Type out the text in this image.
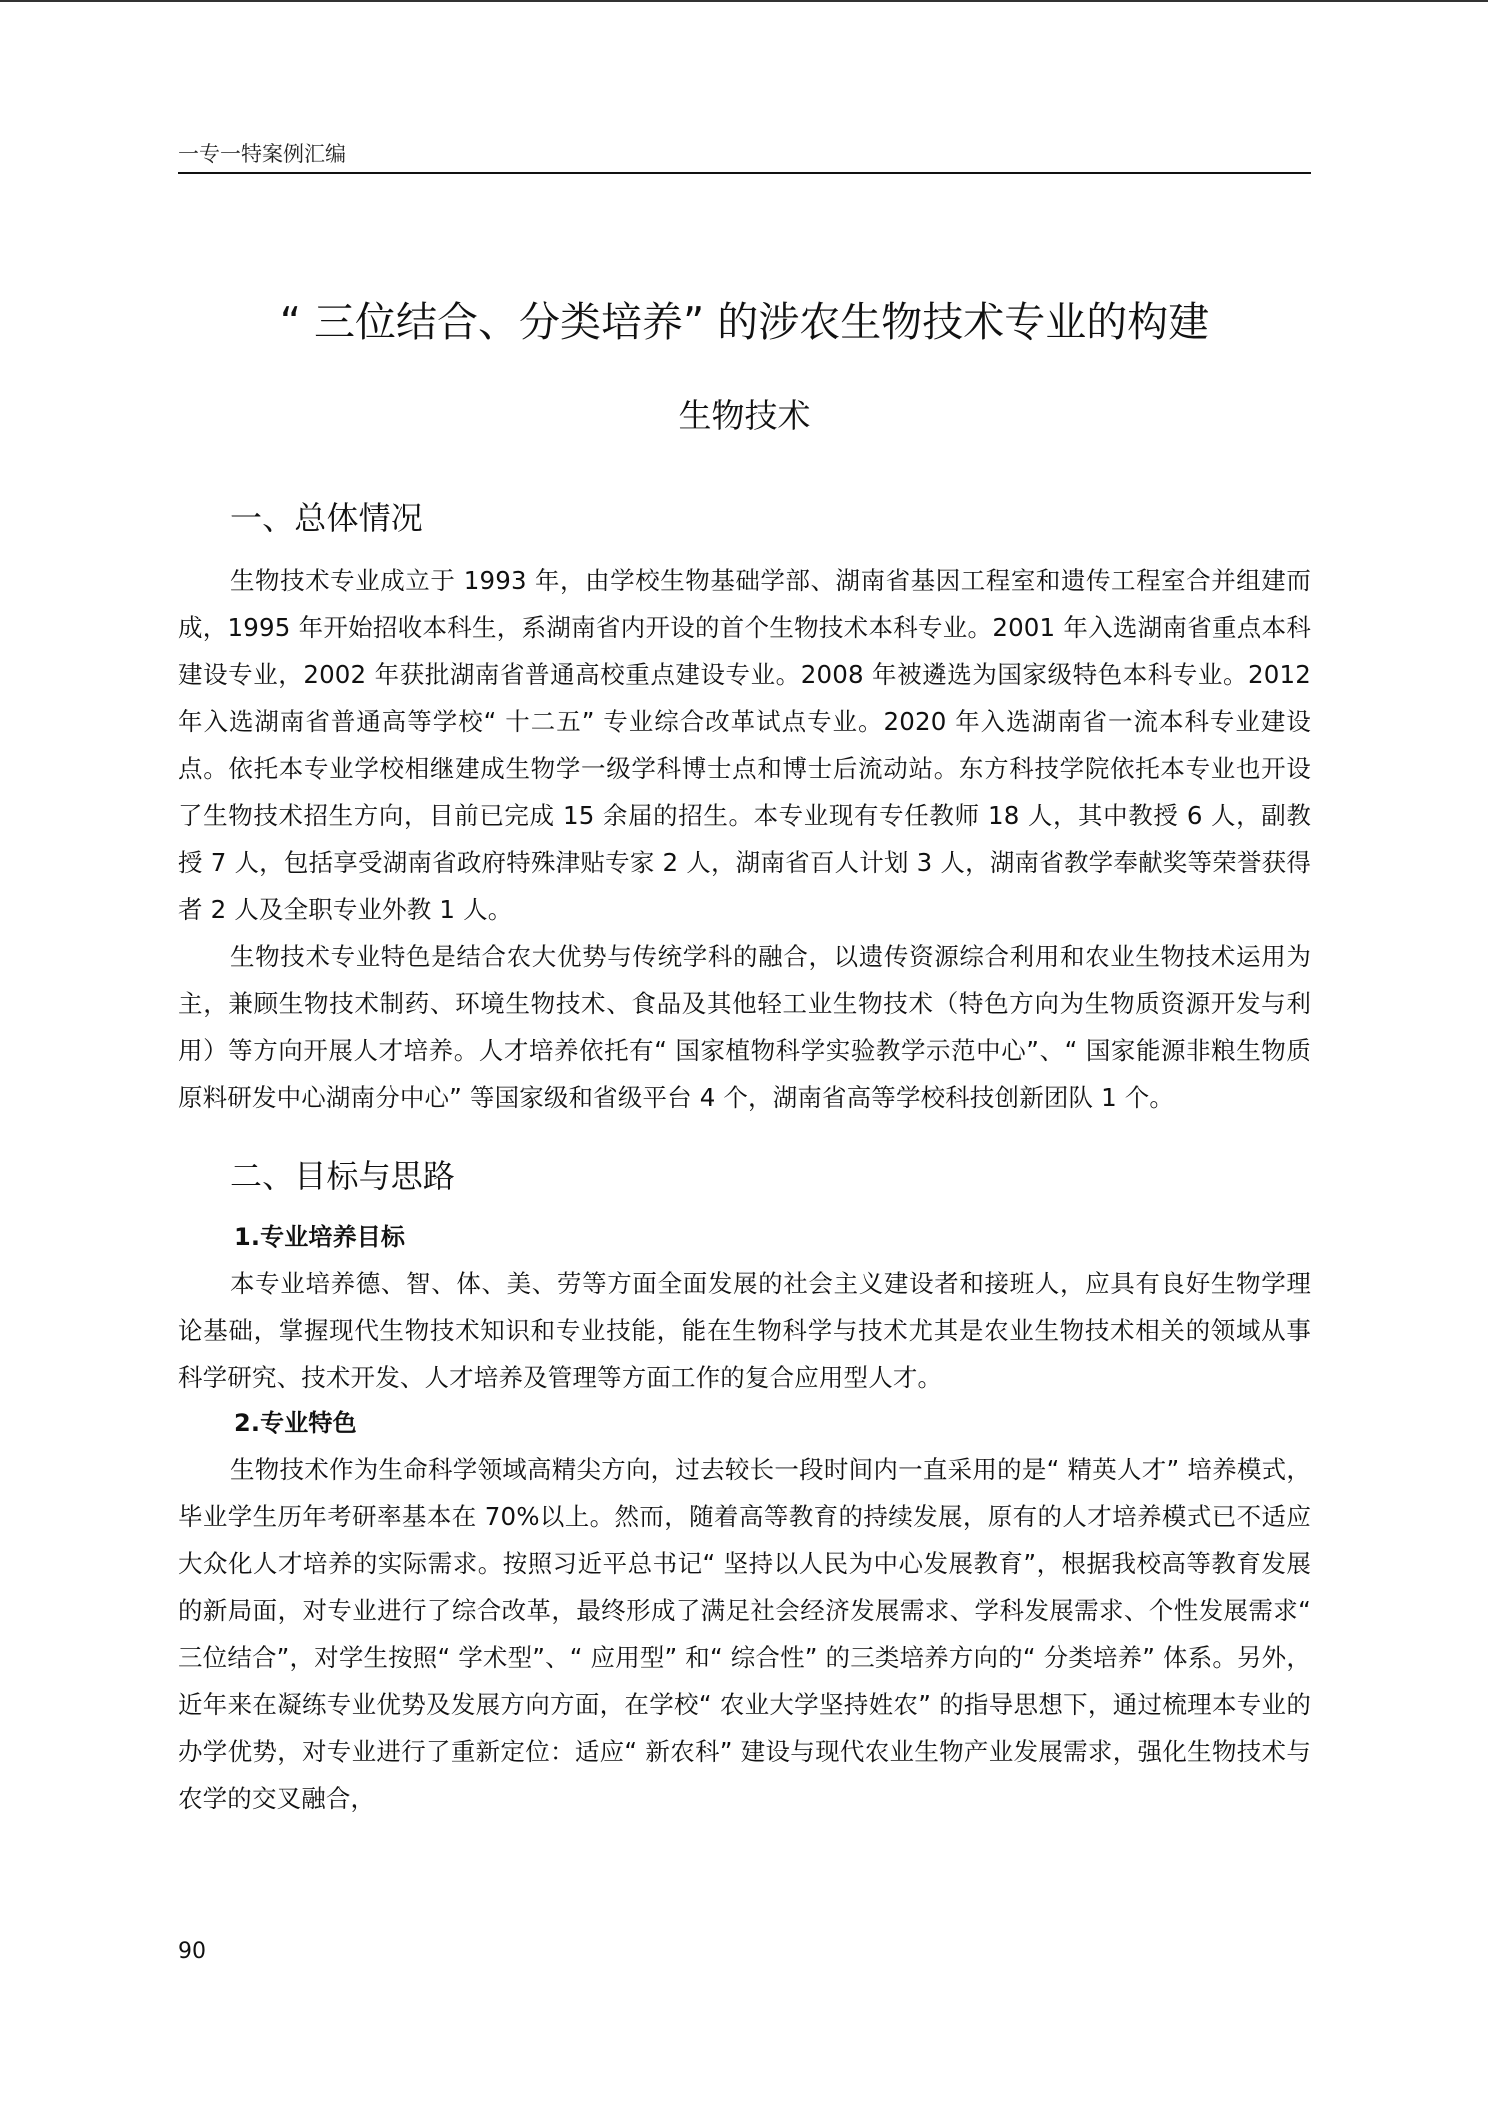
一专一特案例汇编
“ 三位结合、分类培养” 的涉农生物技术专业的构建
生物技术
一、总体情况

生物技术专业成立于 1993 年，由学校生物基础学部、湖南省基因工程室和遗传工程室合并组建而成，1995 年开始招收本科生，系湖南省内开设的首个生物技术本科专业。2001 年入选湖南省重点本科建设专业，2002 年获批湖南省普通高校重点建设专业。2008 年被遴选为国家级特色本科专业。2012 年入选湖南省普通高等学校“ 十二五” 专业综合改革试点专业。2020 年入选湖南省一流本科专业建设点。依托本专业学校相继建成生物学一级学科博士点和博士后流动站。东方科技学院依托本专业也开设了生物技术招生方向，目前已完成 15 余届的招生。本专业现有专任教师 18 人，其中教授 6 人，副教授 7 人，包括享受湖南省政府特殊津贴专家 2 人，湖南省百人计划 3 人，湖南省教学奉献奖等荣誉获得者 2 人及全职专业外教 1 人。

生物技术专业特色是结合农大优势与传统学科的融合，以遗传资源综合利用和农业生物技术运用为主，兼顾生物技术制药、环境生物技术、食品及其他轻工业生物技术（特色方向为生物质资源开发与利用）等方向开展人才培养。人才培养依托有“ 国家植物科学实验教学示范中心”、“ 国家能源非粮生物质原料研发中心湖南分中心” 等国家级和省级平台 4 个，湖南省高等学校科技创新团队 1 个。

二、目标与思路
1.专业培养目标

本专业培养德、智、体、美、劳等方面全面发展的社会主义建设者和接班人，应具有良好生物学理论基础，掌握现代生物技术知识和专业技能，能在生物科学与技术尤其是农业生物技术相关的领域从事科学研究、技术开发、人才培养及管理等方面工作的复合应用型人才。

2.专业特色

生物技术作为生命科学领域高精尖方向，过去较长一段时间内一直采用的是“ 精英人才” 培养模式，毕业学生历年考研率基本在 70%以上。然而，随着高等教育的持续发展，原有的人才培养模式已不适应大众化人才培养的实际需求。按照习近平总书记“ 坚持以人民为中心发展教育”，根据我校高等教育发展的新局面，对专业进行了综合改革，最终形成了满足社会经济发展需求、学科发展需求、个性发展需求“ 三位结合”，对学生按照“ 学术型”、“ 应用型” 和“ 综合性” 的三类培养方向的“ 分类培养” 体系。另外，近年来在凝练专业优势及发展方向方面，在学校“ 农业大学坚持姓农” 的指导思想下，通过梳理本专业的办学优势，对专业进行了重新定位：适应“ 新农科” 建设与现代农业生物产业发展需求，强化生物技术与农学的交叉融合，

90
